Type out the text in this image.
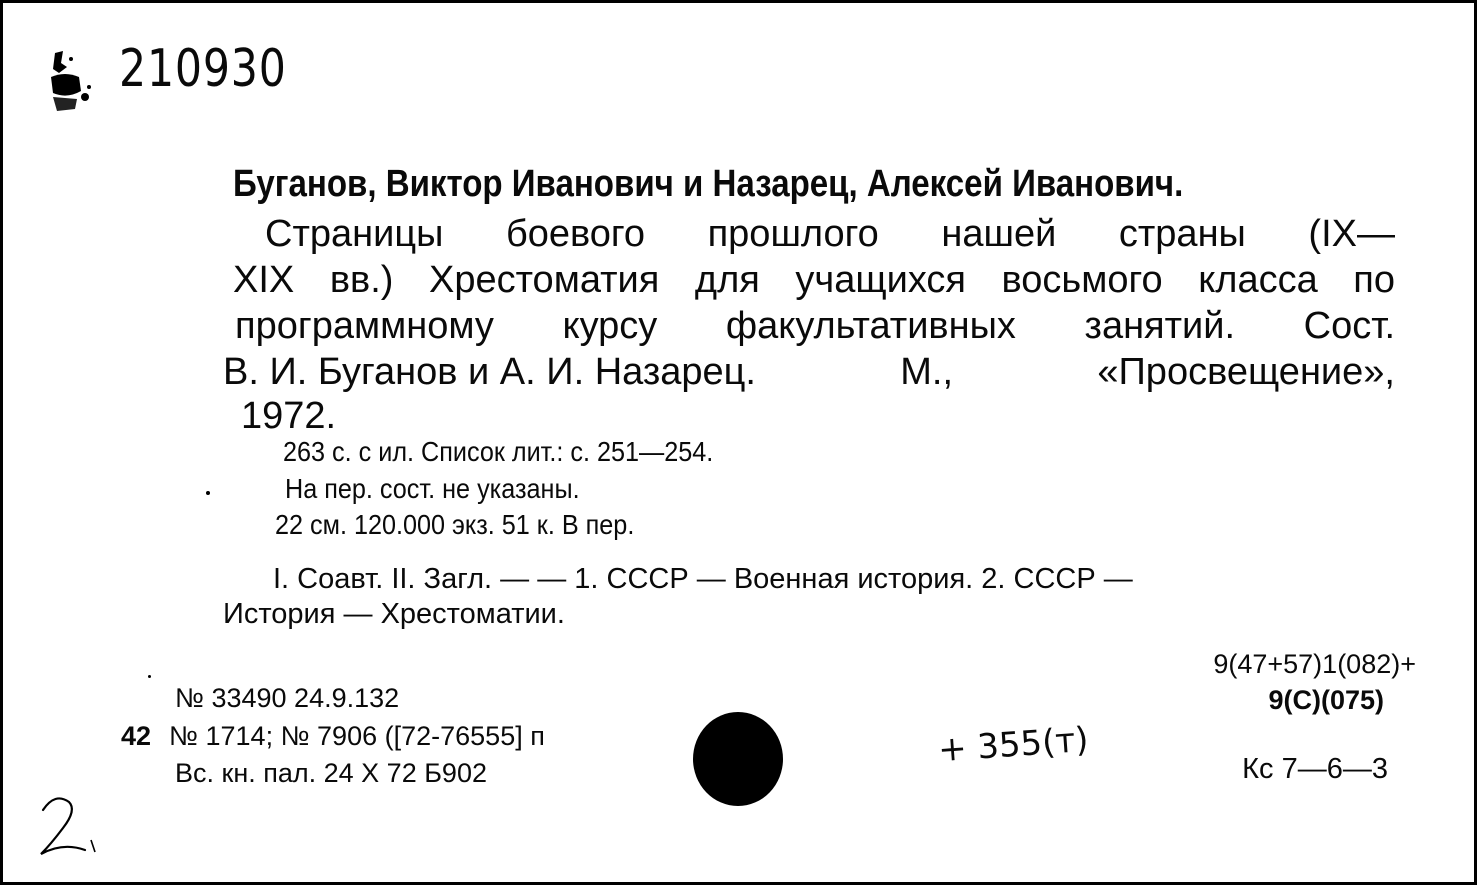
210930
Буганов, Виктор Иванович и Назарец, Алексей Иванович.
Страницы боевого прошлого нашей страны (IX—
XIX вв.) Хрестоматия для учащихся восьмого класса по
программному курсу факультативных занятий. Сост.
В. И. Буганов и А. И. Назарец.	М.,	«Просвещение»,
1972.
263 с. с ил. Список лит.: с. 251—254.
На пер. сост. не указаны.
22 см. 120.000 экз. 51 к. В пер.
I. Соавт. II. Загл. — — 1. СССР — Военная история. 2. СССР —
История — Хрестоматии.
9(47+57)1(082)+
9(С)(075)
Кс 7—6—3
№ 33490 24.9.132
42 № 1714; № 7906 ([72-76555] п
Вс. кн. пал. 24 Х 72 Б902
+ 355(т)
